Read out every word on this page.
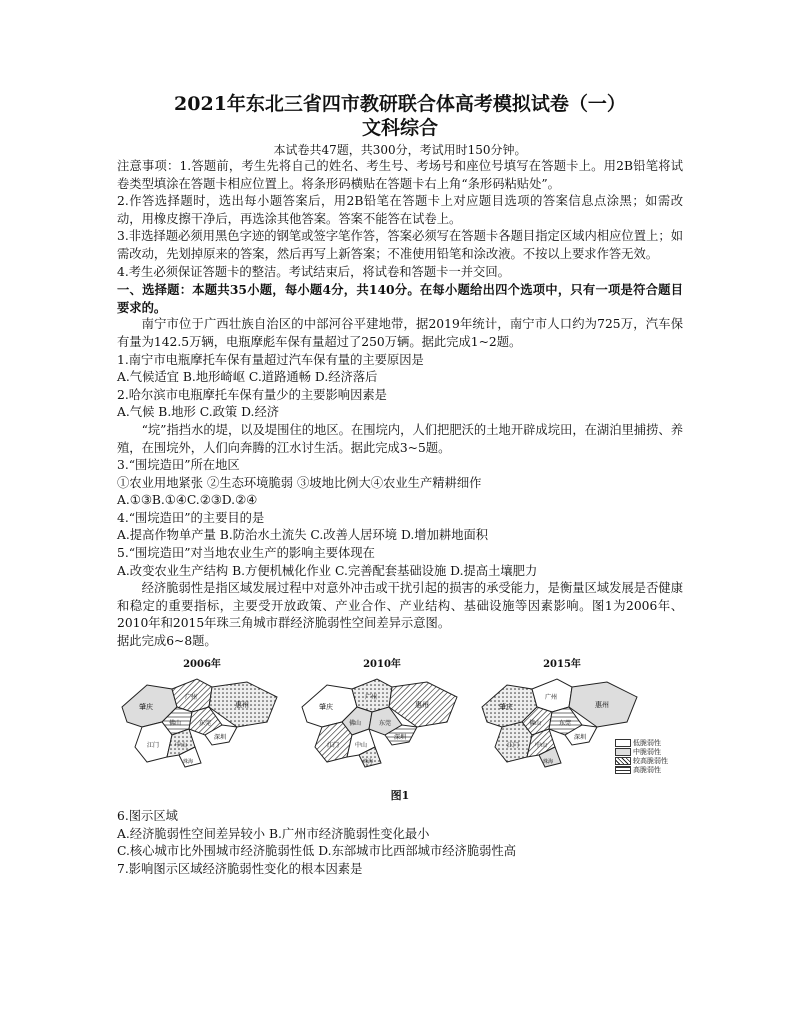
2021年东北三省四市教研联合体高考模拟试卷（一）

文科综合

本试卷共47题，共300分，考试用时150分钟。

注意事项：1.答题前，考生先将自己的姓名、考生号、考场号和座位号填写在答题卡上。用2B铅笔将试卷类型填涂在答题卡相应位置上。将条形码横贴在答题卡右上角“条形码粘贴处”。

2.作答选择题时，选出每小题答案后，用2B铅笔在答题卡上对应题目选项的答案信息点涂黑；如需改动，用橡皮擦干净后，再选涂其他答案。答案不能答在试卷上。

3.非选择题必须用黑色字迹的钢笔或签字笔作答，答案必须写在答题卡各题目指定区域内相应位置上；如需改动，先划掉原来的答案，然后再写上新答案；不准使用铅笔和涂改液。不按以上要求作答无效。

4.考生必须保证答题卡的整洁。考试结束后，将试卷和答题卡一并交回。

一、选择题：本题共35小题，每小题4分，共140分。在每小题给出四个选项中，只有一项是符合题目要求的。

南宁市位于广西壮族自治区的中部河谷平建地带，据2019年统计，南宁市人口约为725万，汽车保有量为142.5万辆，电瓶摩彪车保有量超过了250万辆。据此完成1~2题。

1.南宁市电瓶摩托车保有量超过汽车保有量的主要原因是

A.气候适宜 B.地形崎岖 C.道路通畅 D.经济落后

2.哈尔滨市电瓶摩托车保有量少的主要影响因素是

A.气候 B.地形 C.政策 D.经济

“垸”指挡水的堤，以及堤围住的地区。在围垸内，人们把肥沃的土地开辟成垸田，在湖泊里捕捞、养殖，在围垸外，人们向奔腾的江水讨生活。据此完成3~5题。

3.“围垸造田”所在地区

①农业用地紧张 ②生态环境脆弱 ③坡地比例大④农业生产精耕细作

A.①③B.①④C.②③D.②④

4.“围垸造田”的主要目的是

A.提高作物单产量 B.防治水土流失 C.改善人居环境 D.增加耕地面积

5.“围垸造田”对当地农业生产的影响主要体现在

A.改变农业生产结构 B.方便机械化作业 C.完善配套基础设施 D.提高土壤肥力

经济脆弱性是指区域发展过程中对意外冲击或干扰引起的损害的承受能力，是衡量区域发展是否健康和稳定的重要指标，主要受开放政策、产业合作、产业结构、基础设施等因素影响。图1为2006年、2010年和2015年珠三角城市群经济脆弱性空间差异示意图。

据此完成6~8题。

2006年
肇庆
广州
惠州
佛山	东莞
深圳
中山
江门
珠海
2010年
肇庆
广州
惠州
佛山	东莞
深圳
中山
江门
珠海
2015年
肇庆
广州
惠州
佛山	东莞
深圳
中山
江门
珠海
低脆弱性
中脆弱性
较高脆弱性
高脆弱性

图1

6.图示区域

A.经济脆弱性空间差异较小 B.广州市经济脆弱性变化最小

C.核心城市比外围城市经济脆弱性低 D.东部城市比西部城市经济脆弱性高

7.影响图示区域经济脆弱性变化的根本因素是
